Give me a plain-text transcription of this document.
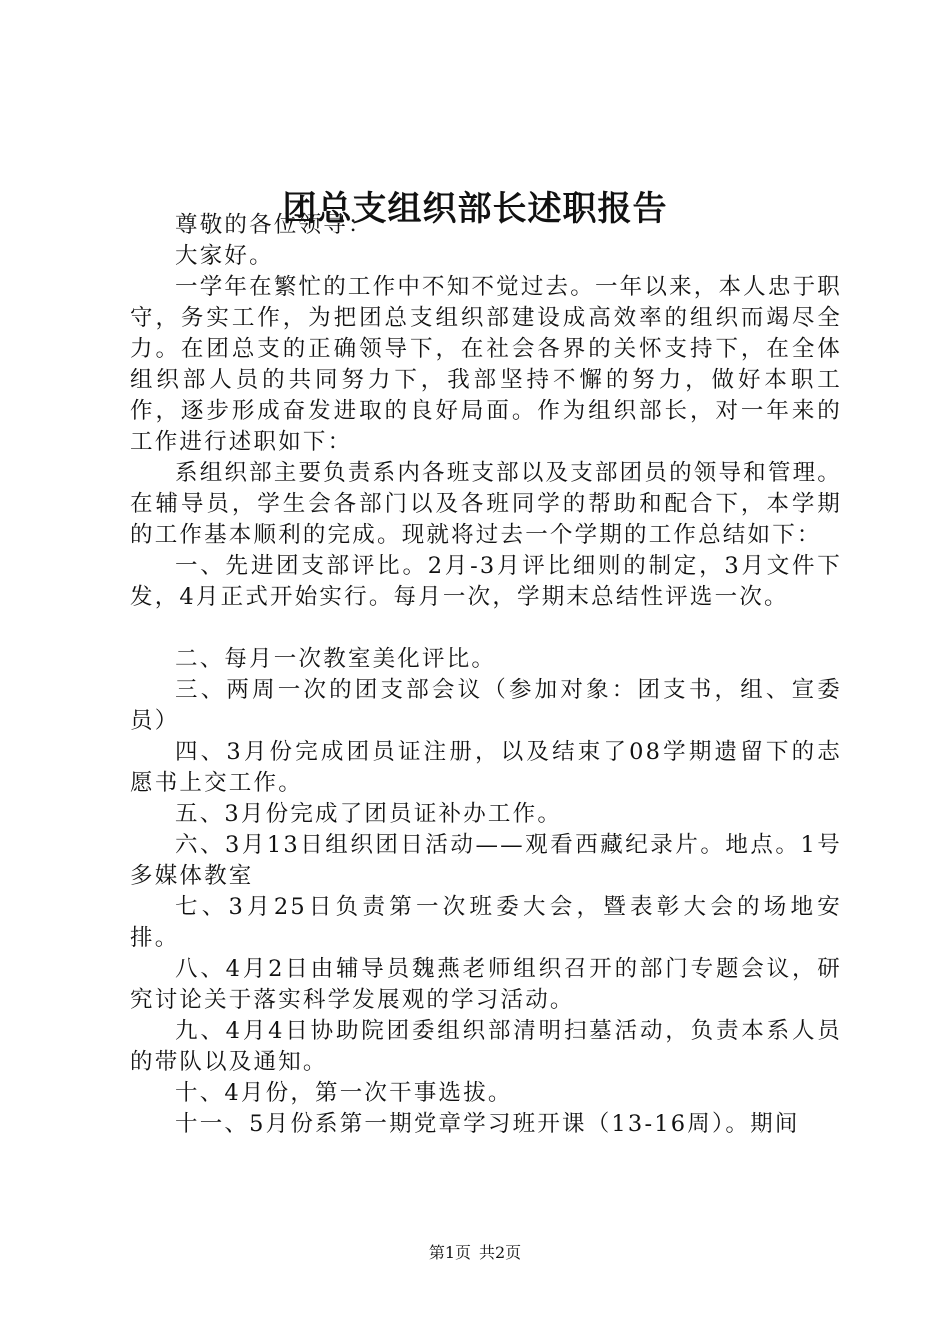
团总支组织部长述职报告

尊敬的各位领导：

大家好。

一学年在繁忙的工作中不知不觉过去。一年以来，本人忠于职守，务实工作，为把团总支组织部建设成高效率的组织而竭尽全力。在团总支的正确领导下，在社会各界的关怀支持下，在全体组织部人员的共同努力下，我部坚持不懈的努力，做好本职工作，逐步形成奋发进取的良好局面。作为组织部长，对一年来的工作进行述职如下：

系组织部主要负责系内各班支部以及支部团员的领导和管理。在辅导员，学生会各部门以及各班同学的帮助和配合下，本学期的工作基本顺利的完成。现就将过去一个学期的工作总结如下：

一、先进团支部评比。2月-3月评比细则的制定，3月文件下发，4月正式开始实行。每月一次，学期末总结性评选一次。

二、每月一次教室美化评比。

三、两周一次的团支部会议（参加对象：团支书，组、宣委员）

四、3月份完成团员证注册，以及结束了08学期遗留下的志愿书上交工作。

五、3月份完成了团员证补办工作。

六、3月13日组织团日活动——观看西藏纪录片。地点。1号多媒体教室

七、3月25日负责第一次班委大会，暨表彰大会的场地安排。

八、4月2日由辅导员魏燕老师组织召开的部门专题会议，研究讨论关于落实科学发展观的学习活动。

九、4月4日协助院团委组织部清明扫墓活动，负责本系人员的带队以及通知。

十、4月份，第一次干事选拔。

十一、5月份系第一期党章学习班开课（13-16周）。期间

第1页 共2页
